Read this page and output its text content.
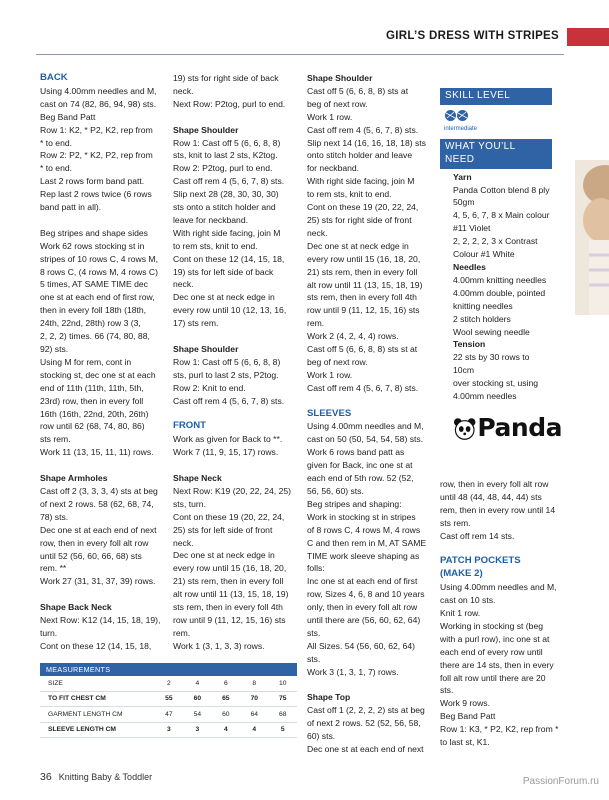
GIRL’S DRESS WITH STRIPES

BACK

Using 4.00mm needles and M,

cast on 74 (82, 86, 94, 98) sts.

Beg Band Patt

Row 1: K2, * P2, K2, rep from

* to end.

Row 2: P2, * K2, P2, rep from

* to end.

Last 2 rows form band patt.

Rep last 2 rows twice (6 rows

band patt in all).

Beg stripes and shape sides

Work 62 rows stocking st in

stripes of 10 rows C, 4 rows M,

8 rows C, (4 rows M, 4 rows C)

5 times, AT SAME TIME dec

one st at each end of first row,

then in every foll 18th (18th,

24th, 22nd, 28th) row 3 (3,

2, 2, 2) times. 66 (74, 80, 88,

92) sts.

Using M for rem, cont in

stocking st, dec one st at each

end of 11th (11th, 11th, 5th,

23rd) row, then in every foll

16th (16th, 22nd, 20th, 26th)

row until 62 (68, 74, 80, 86)

sts rem.

Work 11 (13, 15, 11, 11) rows.

Shape Armholes

Cast off 2 (3, 3, 3, 4) sts at beg

of next 2 rows. 58 (62, 68, 74,

78) sts.

Dec one st at each end of next

row, then in every foll alt row

until 52 (56, 60, 66, 68) sts

rem. **

Work 27 (31, 31, 37, 39) rows.

Shape Back Neck

Next Row: K12 (14, 15, 18, 19),

turn.

Cont on these 12 (14, 15, 18,

19) sts for right side of back

neck.

Next Row: P2tog, purl to end.

Shape Shoulder

Row 1: Cast off 5 (6, 6, 8, 8)

sts, knit to last 2 sts, K2tog.

Row 2: P2tog, purl to end.

Cast off rem 4 (5, 6, 7, 8) sts.

Slip next 28 (28, 30, 30, 30)

sts onto a stitch holder and

leave for neckband.

With right side facing, join M

to rem sts, knit to end.

Cont on these 12 (14, 15, 18,

19) sts for left side of back

neck.

Dec one st at neck edge in

every row until 10 (12, 13, 16,

17) sts rem.

Shape Shoulder

Row 1: Cast off 5 (6, 6, 8, 8)

sts, purl to last 2 sts, P2tog.

Row 2: Knit to end.

Cast off rem 4 (5, 6, 7, 8) sts.

FRONT

Work as given for Back to **.

Work 7 (11, 9, 15, 17) rows.

Shape Neck

Next Row: K19 (20, 22, 24, 25)

sts, turn.

Cont on these 19 (20, 22, 24,

25) sts for left side of front

neck.

Dec one st at neck edge in

every row until 15 (16, 18, 20,

21) sts rem, then in every foll

alt row until 11 (13, 15, 18, 19)

sts rem, then in every foll 4th

row until 9 (11, 12, 15, 16) sts

rem.

Work 1 (3, 1, 3, 3) rows.

Shape Shoulder

Cast off 5 (6, 6, 8, 8) sts at

beg of next row.

Work 1 row.

Cast off rem 4 (5, 6, 7, 8) sts.

Slip next 14 (16, 16, 18, 18) sts

onto stitch holder and leave

for neckband.

With right side facing, join M

to rem sts, knit to end.

Cont on these 19 (20, 22, 24,

25) sts for right side of front

neck.

Dec one st at neck edge in

every row until 15 (16, 18, 20,

21) sts rem, then in every foll

alt row until 11 (13, 15, 18, 19)

sts rem, then in every foll 4th

row until 9 (11, 12, 15, 16) sts

rem.

Work 2 (4, 2, 4, 4) rows.

Cast off 5 (6, 6, 8, 8) sts st at

beg of next row.

Work 1 row.

Cast off rem 4 (5, 6, 7, 8) sts.

SLEEVES

Using 4.00mm needles and M,

cast on 50 (50, 54, 54, 58) sts.

Work 6 rows band patt as

given for Back, inc one st at

each end of 5th row. 52 (52,

56, 56, 60) sts.

Beg stripes and shaping:

Work in stocking st in stripes

of 8 rows C, 4 rows M, 4 rows

C and then rem in M, AT SAME

TIME work sleeve shaping as

folls:

Inc one st at each end of first

row, Sizes 4, 6, 8 and 10 years

only, then in every foll alt row

until there are (56, 60, 62, 64)

sts.

All Sizes. 54 (56, 60, 62, 64)

sts.

Work 3 (1, 3, 1, 7) rows.

Shape Top

Cast off 1 (2, 2, 2, 2) sts at beg

of next 2 rows. 52 (52, 56, 58,

60) sts.

Dec one st at each end of next

row, then in every foll alt row

until 48 (44, 48, 44, 44) sts

rem, then in every row until 14

sts rem.

Cast off rem 14 sts.

PATCH POCKETS

(MAKE 2)

Using 4.00mm needles and M,

cast on 10 sts.

Knit 1 row.

Working in stocking st (beg

with a purl row), inc one st at

each end of every row until

there are 14 sts, then in every

foll alt row until there are 20

sts.

Work 9 rows.

Beg Band Patt

Row 1: K3, * P2, K2, rep from *

to last st, K1.

SKILL LEVEL
intermediate
WHAT YOU’LL NEED

Yarn

Panda Cotton blend 8 ply

50gm

4, 5, 6, 7, 8 x Main colour

#11 Violet

2, 2, 2, 2, 3 x Contrast

Colour #1 White

Needles

4.00mm knitting needles

4.00mm double, pointed

knitting needles

2 stitch holders

Wool sewing needle

Tension

22 sts by 30 rows to 10cm

over stocking st, using

4.00mm needles

Panda
MEASUREMENTS
SIZE	2	4	6	8	10
TO FIT CHEST CM	55	60	65	70	75
GARMENT LENGTH CM	47	54	60	64	68
SLEEVE LENGTH CM	3	3	4	4	5
36 Knitting Baby & Toddler	PassionForum.ru
